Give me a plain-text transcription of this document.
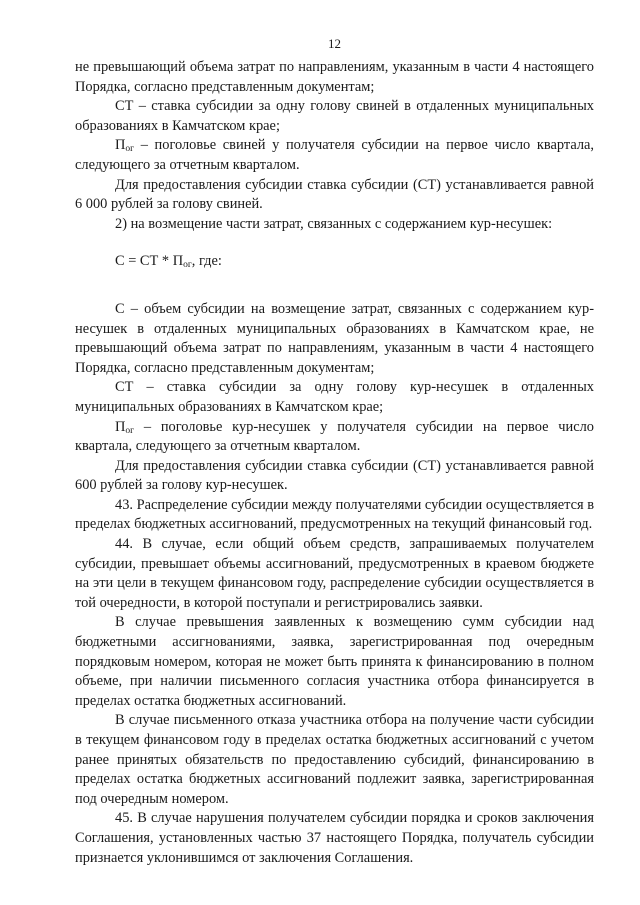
12

не превышающий объема затрат по направлениям, указанным в части 4 настоящего Порядка, согласно представленным документам;

СТ – ставка субсидии за одну голову свиней в отдаленных муниципальных образованиях в Камчатском крае;

$П_{ог}$ – поголовье свиней у получателя субсидии на первое число квартала, следующего за отчетным кварталом.

Для предоставления субсидии ставка субсидии (СТ) устанавливается равной 6 000 рублей за голову свиней.

2) на возмещение части затрат, связанных с содержанием кур-несушек:

С = СТ * $П_{ог}$, где:

С – объем субсидии на возмещение затрат, связанных с содержанием кур-несушек в отдаленных муниципальных образованиях в Камчатском крае, не превышающий объема затрат по направлениям, указанным в части 4 настоящего Порядка, согласно представленным документам;

СТ – ставка субсидии за одну голову кур-несушек в отдаленных муниципальных образованиях в Камчатском крае;

$П_{ог}$ – поголовье кур-несушек у получателя субсидии на первое число квартала, следующего за отчетным кварталом.

Для предоставления субсидии ставка субсидии (СТ) устанавливается равной 600 рублей за голову кур-несушек.

43. Распределение субсидии между получателями субсидии осуществляется в пределах бюджетных ассигнований, предусмотренных на текущий финансовый год.

44. В случае, если общий объем средств, запрашиваемых получателем субсидии, превышает объемы ассигнований, предусмотренных в краевом бюджете на эти цели в текущем финансовом году, распределение субсидии осуществляется в той очередности, в которой поступали и регистрировались заявки.

В случае превышения заявленных к возмещению сумм субсидии над бюджетными ассигнованиями, заявка, зарегистрированная под очередным порядковым номером, которая не может быть принята к финансированию в полном объеме, при наличии письменного согласия участника отбора финансируется в пределах остатка бюджетных ассигнований.

В случае письменного отказа участника отбора на получение части субсидии в текущем финансовом году в пределах остатка бюджетных ассигнований с учетом ранее принятых обязательств по предоставлению субсидий, финансированию в пределах остатка бюджетных ассигнований подлежит заявка, зарегистрированная под очередным номером.

45. В случае нарушения получателем субсидии порядка и сроков заключения Соглашения, установленных частью 37 настоящего Порядка, получатель субсидии признается уклонившимся от заключения Соглашения.
